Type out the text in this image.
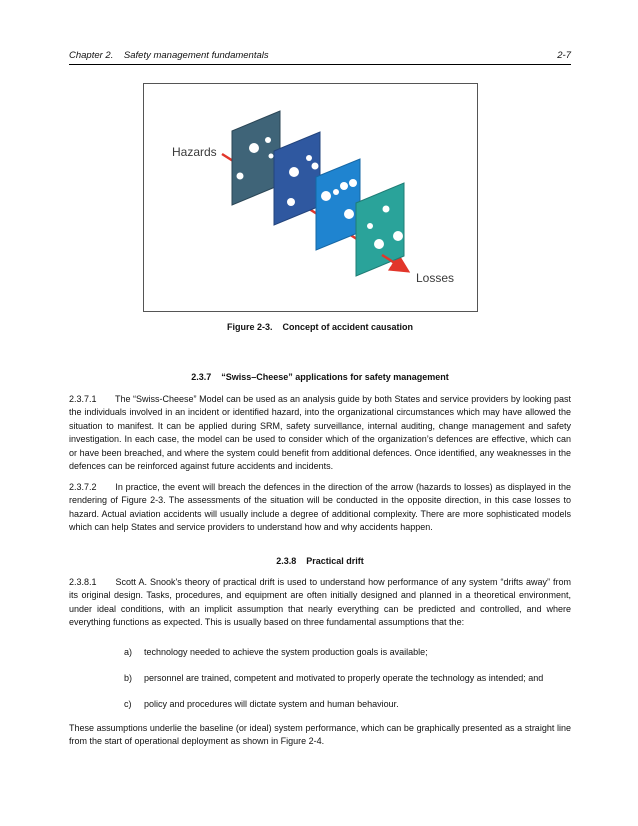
Chapter 2.    Safety management fundamentals	2-7
Hazards
Losses
Figure 2-3.    Concept of accident causation
2.3.7    “Swiss–Cheese” applications for safety management

2.3.7.1 The “Swiss-Cheese” Model can be used as an analysis guide by both States and service providers by looking past the individuals involved in an incident or identified hazard, into the organizational circumstances which may have allowed the situation to manifest. It can be applied during SRM, safety surveillance, internal auditing, change management and safety investigation. In each case, the model can be used to consider which of the organization’s defences are effective, which can or have been breached, and where the system could benefit from additional defences. Once identified, any weaknesses in the defences can be reinforced against future accidents and incidents.

2.3.7.2 In practice, the event will breach the defences in the direction of the arrow (hazards to losses) as displayed in the rendering of Figure 2-3. The assessments of the situation will be conducted in the opposite direction, in this case losses to hazard. Actual aviation accidents will usually include a degree of additional complexity. There are more sophisticated models which can help States and service providers to understand how and why accidents happen.

2.3.8    Practical drift

2.3.8.1 Scott A. Snook's theory of practical drift is used to understand how performance of any system “drifts away” from its original design. Tasks, procedures, and equipment are often initially designed and planned in a theoretical environment, under ideal conditions, with an implicit assumption that nearly everything can be predicted and controlled, and where everything functions as expected. This is usually based on three fundamental assumptions that the:

a) technology needed to achieve the system production goals is available;
b) personnel are trained, competent and motivated to properly operate the technology as intended; and
c) policy and procedures will dictate system and human behaviour.

These assumptions underlie the baseline (or ideal) system performance, which can be graphically presented as a straight line from the start of operational deployment as shown in Figure 2-4.
